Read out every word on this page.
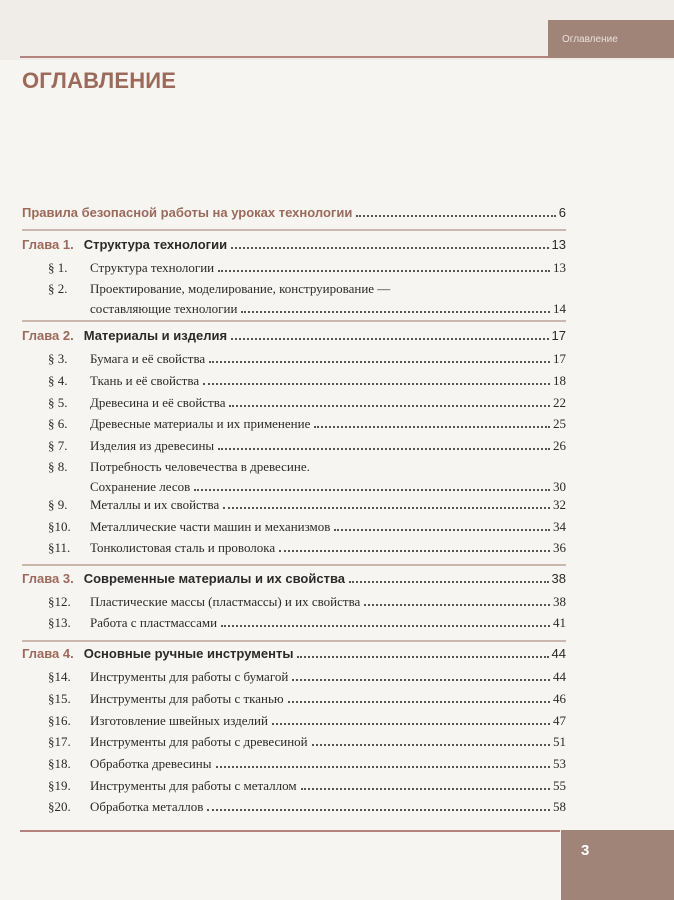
Оглавление
ОГЛАВЛЕНИЕ
Правила безопасной работы на уроках технологии	6
Глава 1. Структура технологии	13
§ 1.	Структура технологии	13
§ 2.	Проектирование, моделирование, конструирование —
составляющие технологии	14
Глава 2. Материалы и изделия	17
§ 3.	Бумага и её свойства	17
§ 4.	Ткань и её свойства	18
§ 5.	Древесина и её свойства	22
§ 6.	Древесные материалы и их применение	25
§ 7.	Изделия из древесины	26
§ 8.	Потребность человечества в древесине.
Сохранение лесов	30
§ 9.	Металлы и их свойства	32
§10.	Металлические части машин и механизмов	34
§11.	Тонколистовая сталь и проволока	36
Глава 3. Современные материалы и их свойства	38
§12.	Пластические массы (пластмассы) и их свойства	38
§13.	Работа с пластмассами	41
Глава 4. Основные ручные инструменты	44
§14.	Инструменты для работы с бумагой	44
§15.	Инструменты для работы с тканью	46
§16.	Изготовление швейных изделий	47
§17.	Инструменты для работы с древесиной	51
§18.	Обработка древесины	53
§19.	Инструменты для работы с металлом	55
§20.	Обработка металлов	58
3
